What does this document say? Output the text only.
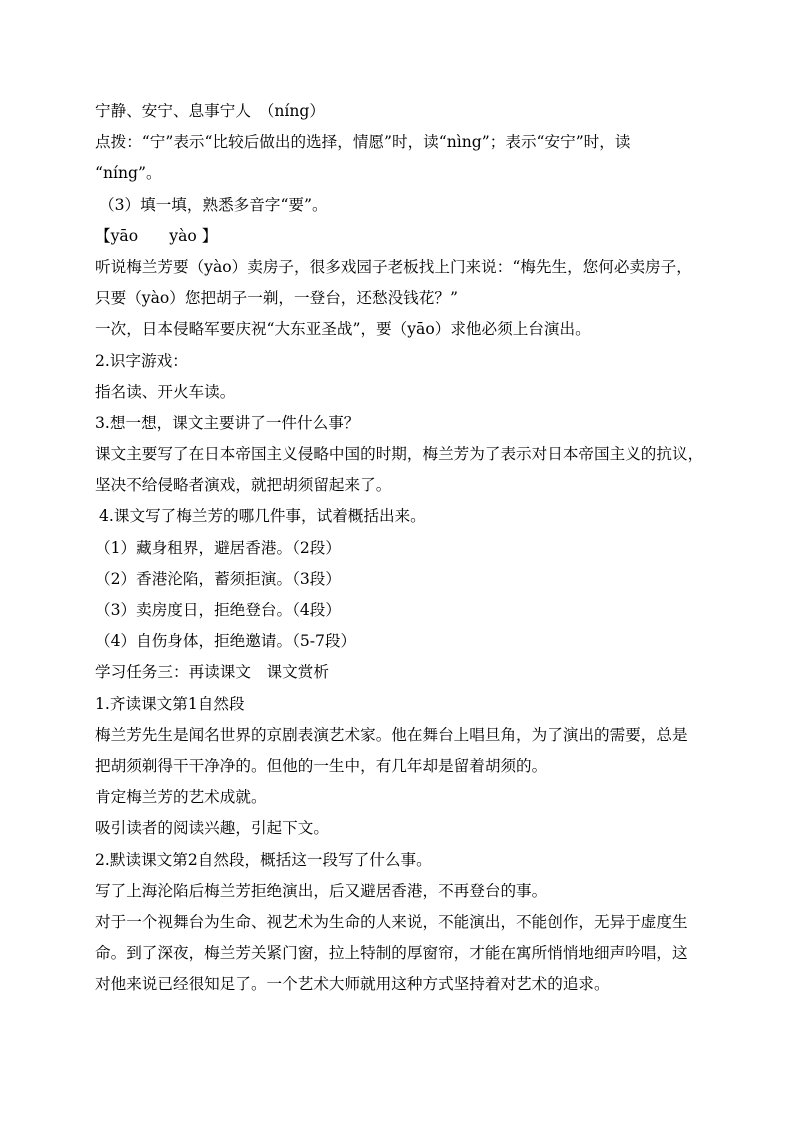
宁静、安宁、息事宁人　（níng）
点拨：“宁”表示“比较后做出的选择，情愿”时，读“nìng”；表示“安宁”时，读
“níng”。
（3）填一填，熟悉多音字“要”。
【yāo　　yào 】
听说梅兰芳要（yào）卖房子，很多戏园子老板找上门来说：“梅先生，您何必卖房子，
只要（yào）您把胡子一剃，一登台，还愁没钱花？”
一次，日本侵略军要庆祝“大东亚圣战”，要（yāo）求他必须上台演出。
2.识字游戏：
指名读、开火车读。
3.想一想，课文主要讲了一件什么事？
课文主要写了在日本帝国主义侵略中国的时期，梅兰芳为了表示对日本帝国主义的抗议，
坚决不给侵略者演戏，就把胡须留起来了。
4.课文写了梅兰芳的哪几件事，试着概括出来。
（1）藏身租界，避居香港。（2段）
（2）香港沦陷，蓄须拒演。（3段）
（3）卖房度日，拒绝登台。（4段）
（4）自伤身体，拒绝邀请。（5-7段）
学习任务三：再读课文　课文赏析
1.齐读课文第1自然段
梅兰芳先生是闻名世界的京剧表演艺术家。他在舞台上唱旦角，为了演出的需要，总是
把胡须剃得干干净净的。但他的一生中，有几年却是留着胡须的。
肯定梅兰芳的艺术成就。
吸引读者的阅读兴趣，引起下文。
2.默读课文第2自然段，概括这一段写了什么事。
写了上海沦陷后梅兰芳拒绝演出，后又避居香港，不再登台的事。
对于一个视舞台为生命、视艺术为生命的人来说，不能演出，不能创作，无异于虚度生
命。到了深夜，梅兰芳关紧门窗，拉上特制的厚窗帘，才能在寓所悄悄地细声吟唱，这
对他来说已经很知足了。一个艺术大师就用这种方式坚持着对艺术的追求。
